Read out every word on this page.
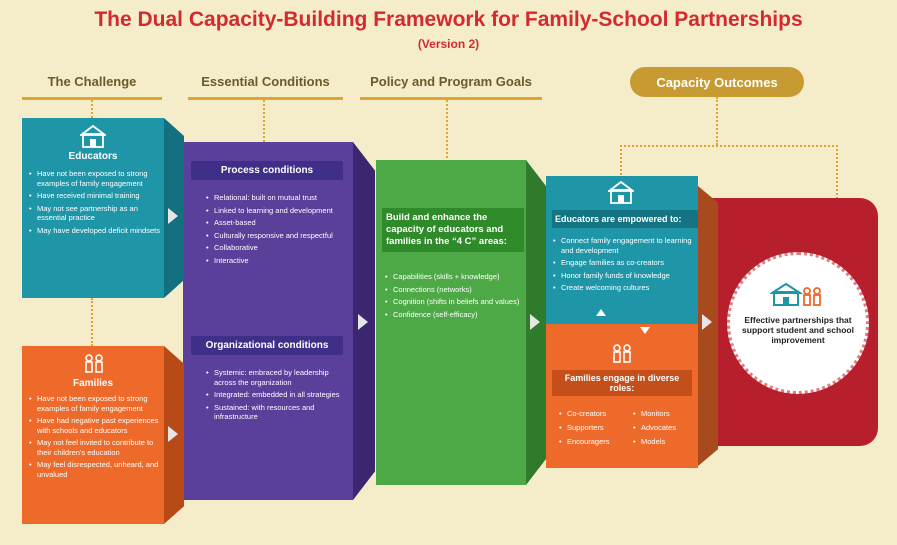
The Dual Capacity-Building Framework for Family-School Partnerships
(Version 2)
The Challenge	Essential Conditions	Policy and Program Goals	Capacity Outcomes
Effective partnerships that support student and school improvement
Educators are empowered to:
• Connect family engagement to learning and development
• Engage families as co-creators
• Honor family funds of knowledge
• Create welcoming cultures
Families engage in diverse roles:
• Co-creators
• Supporters
• Encouragers
• Monitors
• Advocates
• Models
Build and enhance the capacity of educators and families in the “4 C” areas:
• Capabilities (skills + knowledge)
• Connections (networks)
• Cognition (shifts in beliefs and values)
• Confidence (self-efficacy)
Process conditions
• Relational: built on mutual trust
• Linked to learning and development
• Asset-based
• Culturally responsive and respectful
• Collaborative
• Interactive
Organizational conditions
• Systemic: embraced by leadership across the organization
• Integrated: embedded in all strategies
• Sustained: with resources and infrastructure
Educators
• Have not been exposed to strong examples of family engagement
• Have received minimal training
• May not see partnership as an essential practice
• May have developed deficit mindsets
Families
• Have not been exposed to strong examples of family engagement
• Have had negative past experiences with schools and educators
• May not feel invited to contribute to their children's education
• May feel disrespected, unheard, and unvalued
